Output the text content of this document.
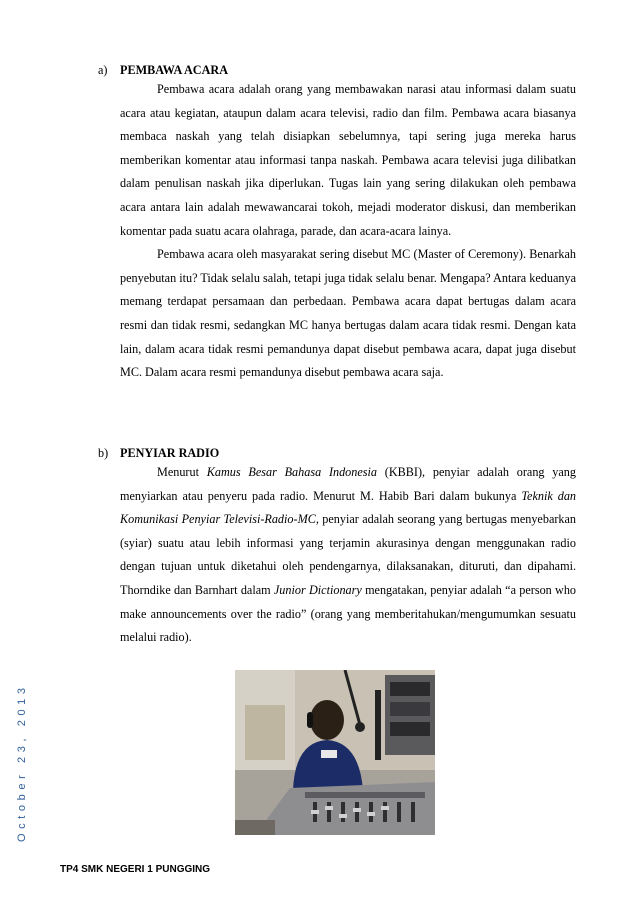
October 23, 2013
a) PEMBAWA ACARA

Pembawa acara adalah orang yang membawakan narasi atau informasi dalam suatu acara atau kegiatan, ataupun dalam acara televisi, radio dan film. Pembawa acara biasanya membaca naskah yang telah disiapkan sebelumnya, tapi sering juga mereka harus memberikan komentar atau informasi tanpa naskah. Pembawa acara televisi juga dilibatkan dalam penulisan naskah jika diperlukan. Tugas lain yang sering dilakukan oleh pembawa acara antara lain adalah mewawancarai tokoh, mejadi moderator diskusi, dan memberikan komentar pada suatu acara olahraga, parade, dan acara-acara lainya.

Pembawa acara oleh masyarakat sering disebut MC (Master of Ceremony). Benarkah penyebutan itu? Tidak selalu salah, tetapi juga tidak selalu benar. Mengapa? Antara keduanya memang terdapat persamaan dan perbedaan. Pembawa acara dapat bertugas dalam acara resmi dan tidak resmi, sedangkan MC hanya bertugas dalam acara tidak resmi. Dengan kata lain, dalam acara tidak resmi pemandunya dapat disebut pembawa acara, dapat juga disebut MC. Dalam acara resmi pemandunya disebut pembawa acara saja.

b) PENYIAR RADIO

Menurut Kamus Besar Bahasa Indonesia (KBBI), penyiar adalah orang yang menyiarkan atau penyeru pada radio. Menurut M. Habib Bari dalam bukunya Teknik dan Komunikasi Penyiar Televisi-Radio-MC, penyiar adalah seorang yang bertugas menyebarkan (syiar) suatu atau lebih informasi yang terjamin akurasinya dengan menggunakan radio dengan tujuan untuk diketahui oleh pendengarnya, dilaksanakan, dituruti, dan dipahami. Thorndike dan Barnhart dalam Junior Dictionary mengatakan, penyiar adalah “a person who make announcements over the radio” (orang yang memberitahukan/mengumumkan sesuatu melalui radio).

TP4 SMK NEGERI 1 PUNGGING
